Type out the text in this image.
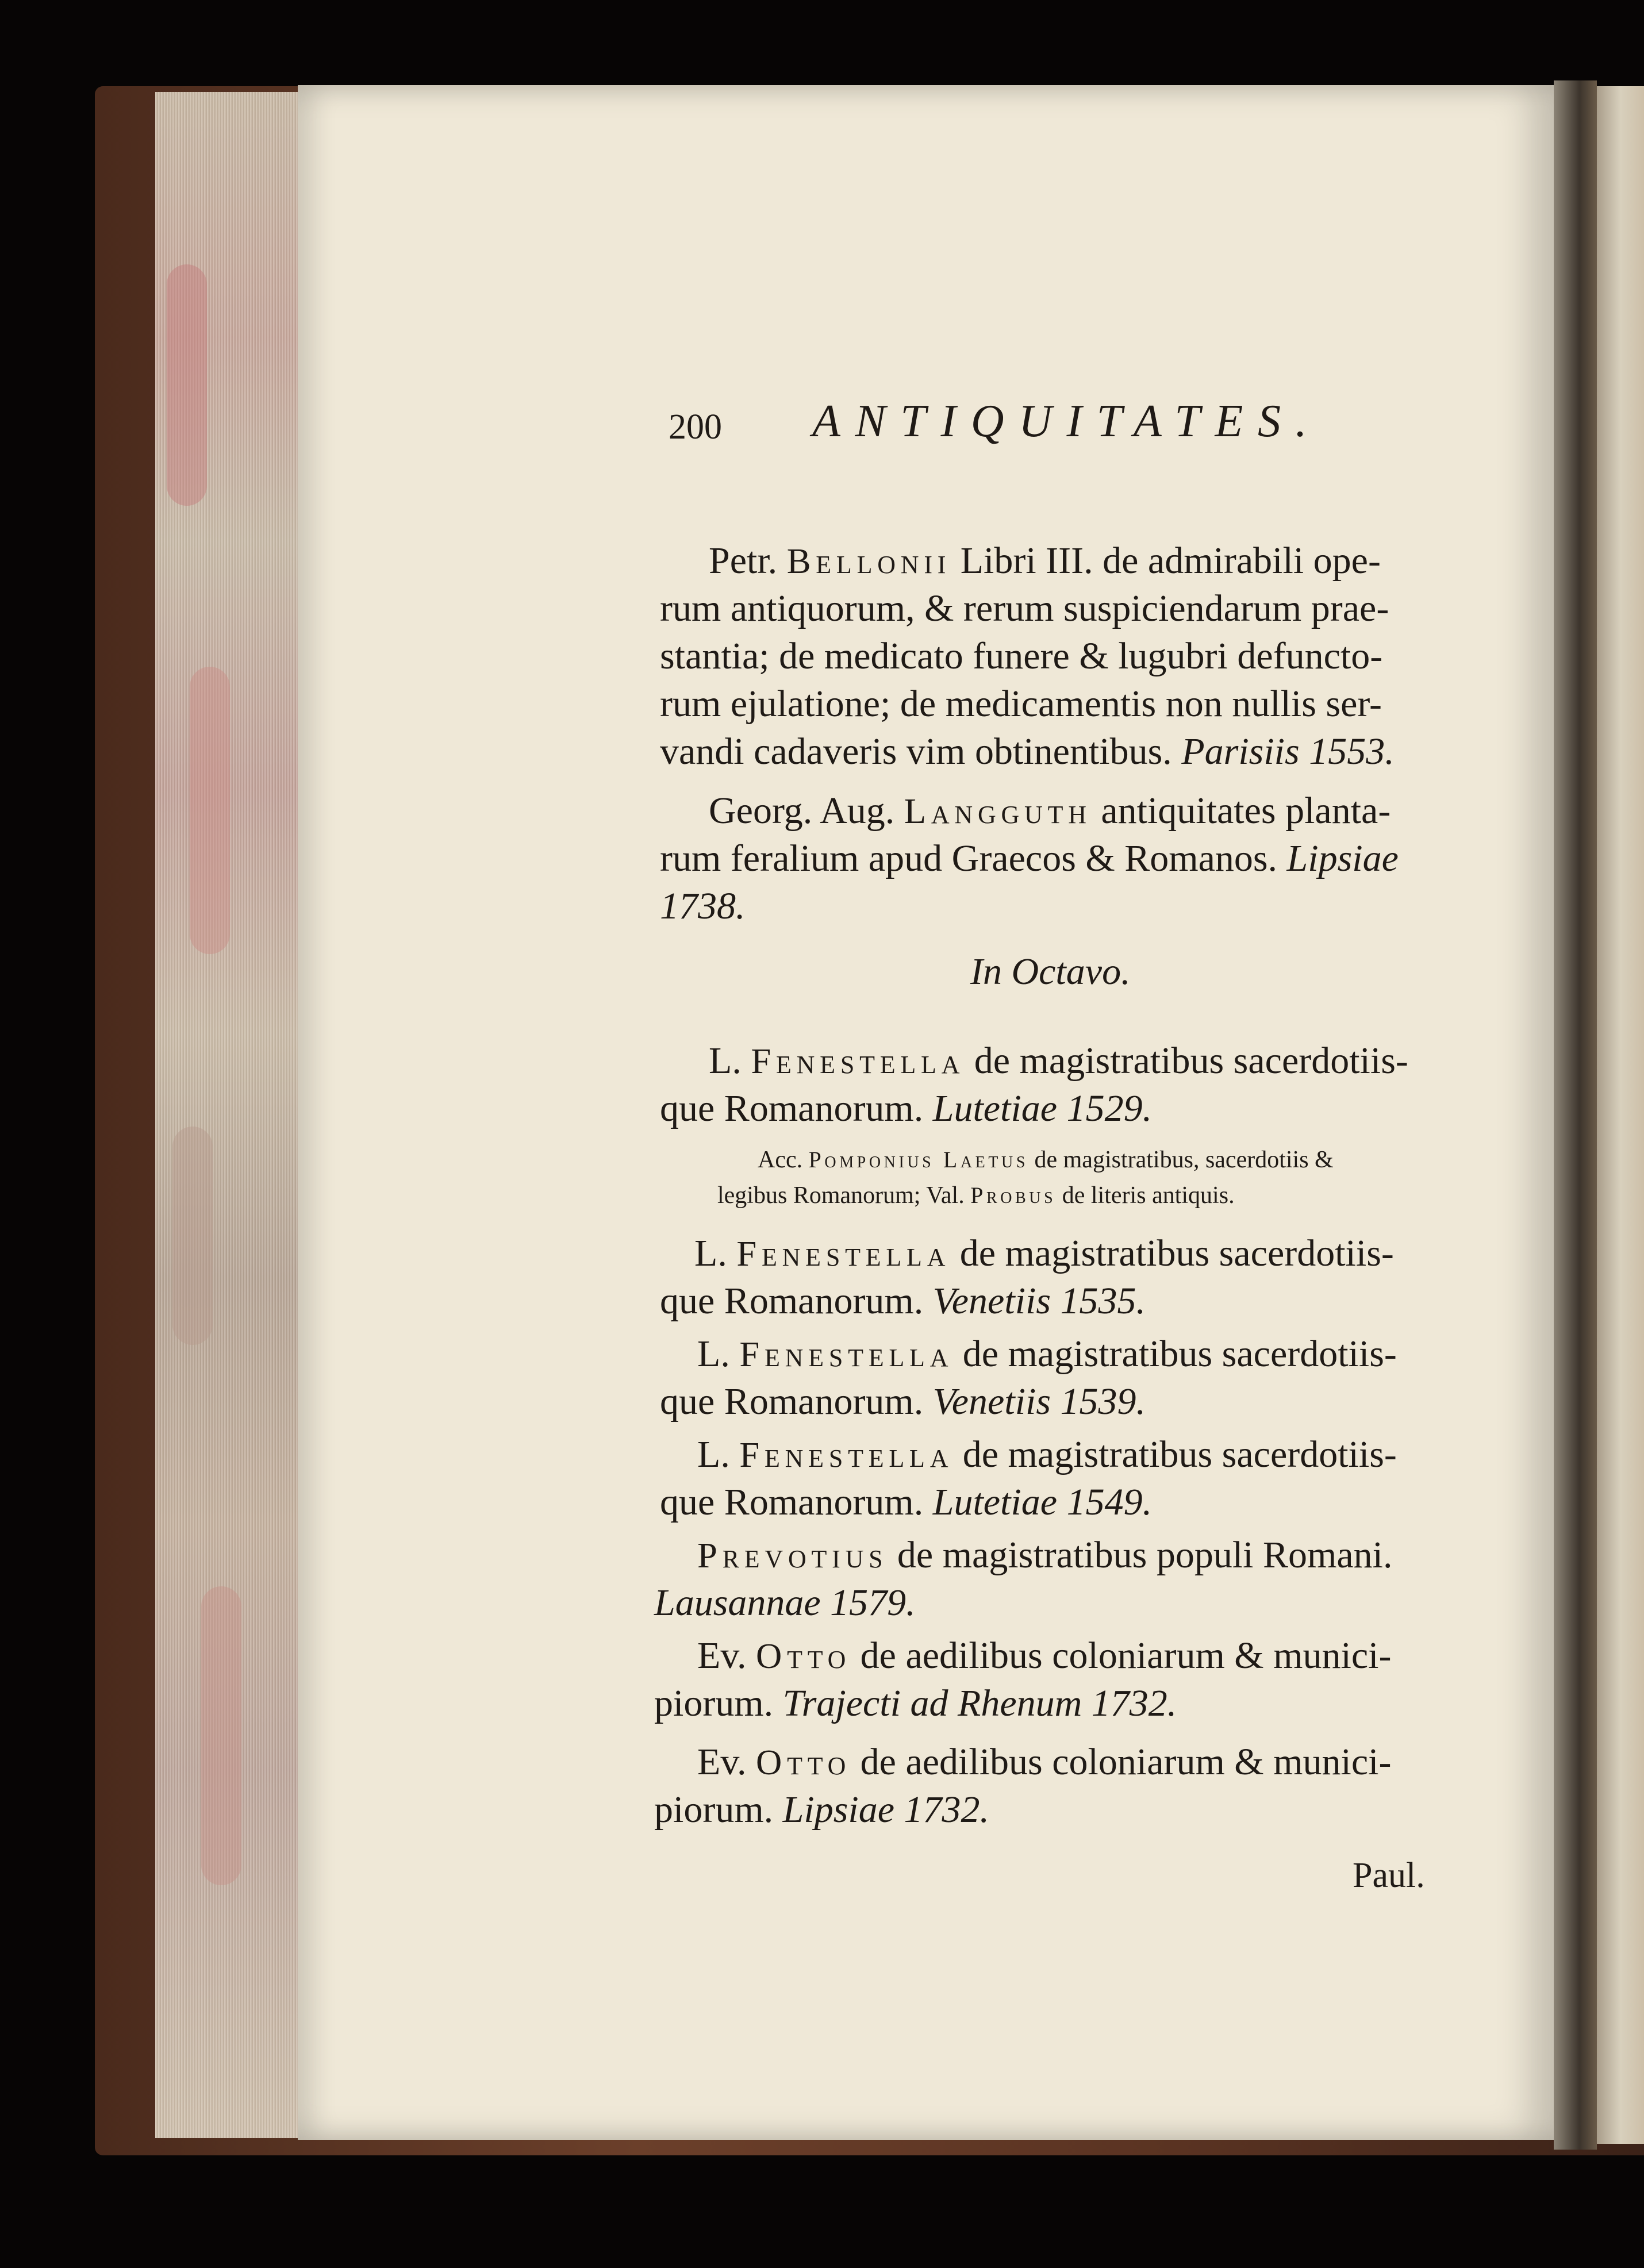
200 ANTIQUITATES.
Petr. Bellonii Libri III. de admirabili ope-
rum antiquorum, & rerum suspiciendarum prae-
stantia; de medicato funere & lugubri defuncto-
rum ejulatione; de medicamentis non nullis ser-
vandi cadaveris vim obtinentibus. Parisiis 1553.
Georg. Aug. Langguth antiquitates planta-
rum feralium apud Graecos & Romanos. Lipsiae
1738.
L. Fenestella de magistratibus sacerdotiis-
que Romanorum. Lutetiae 1529.
Acc. Pomponius Laetus de magistratibus, sacerdotiis &
legibus Romanorum; Val. Probus de literis antiquis.
L. Fenestella de magistratibus sacerdotiis-
que Romanorum. Venetiis 1535.
L. Fenestella de magistratibus sacerdotiis-
que Romanorum. Venetiis 1539.
L. Fenestella de magistratibus sacerdotiis-
que Romanorum. Lutetiae 1549.
Prevotius de magistratibus populi Romani.
Lausannae 1579.
Ev. Otto de aedilibus coloniarum & munici-
piorum. Trajecti ad Rhenum 1732.
Ev. Otto de aedilibus coloniarum & munici-
piorum. Lipsiae 1732.
In Octavo.
Paul.
